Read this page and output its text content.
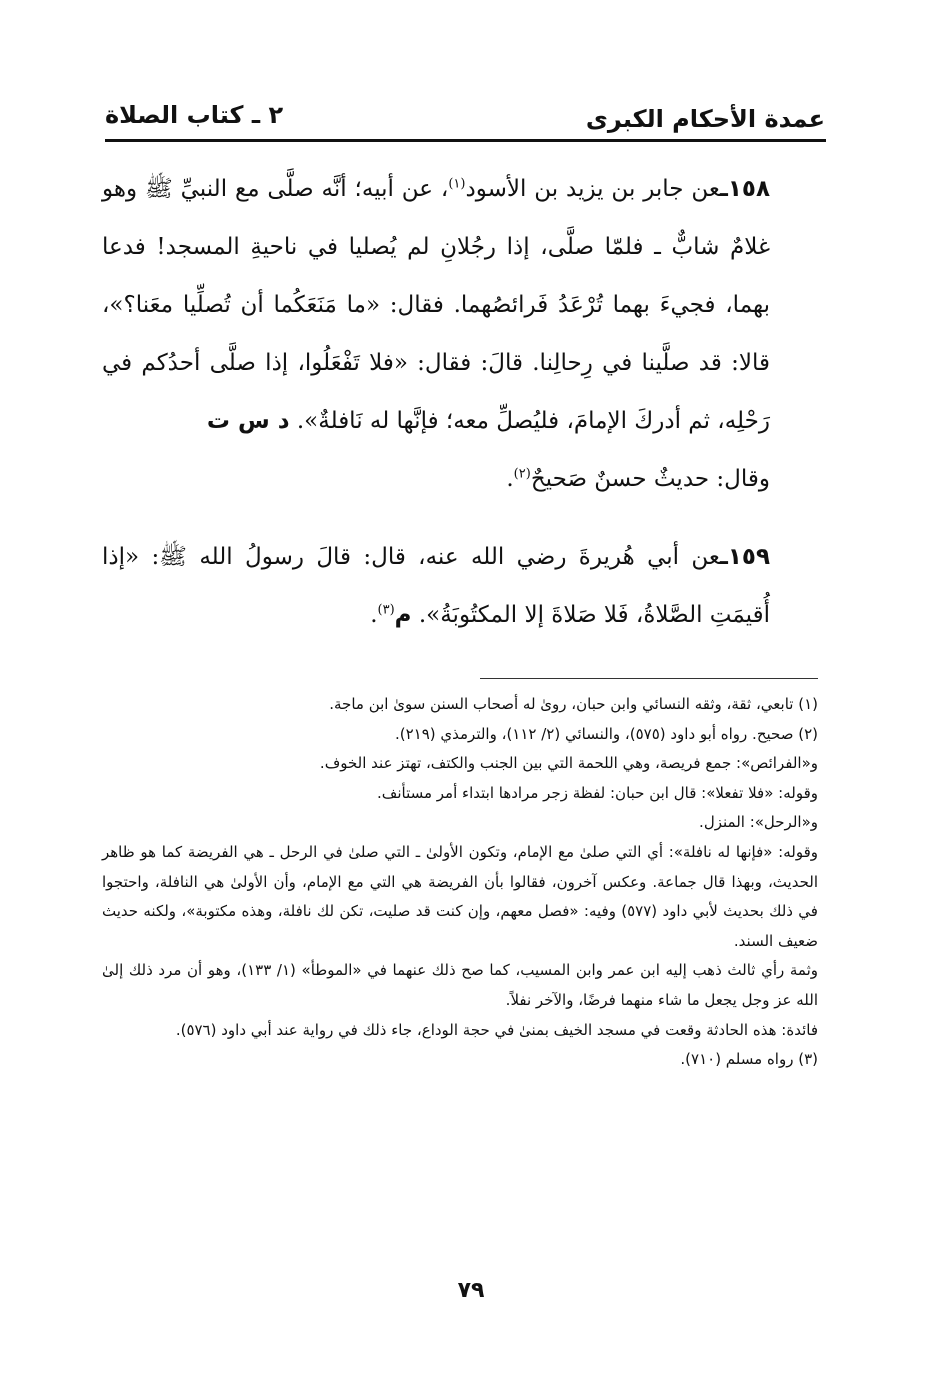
عمدة الأحكام الكبرى
٢ ـ كتاب الصلاة

١٥٨ـعن جابر بن يزيد بن الأسود$^{(١)}$، عن أبيه؛ أنَّه صلَّى مع النبيِّ ﷺ وهو غلامٌ شابٌّ ـ فلمّا صلَّى، إذا رجُلانِ لم يُصليا في ناحيةِ المسجد! فدعا بهما، فجيءَ بهما تُرْعَدُ فَرائصُهما. فقال: «ما مَنَعَكُما أن تُصلِّيا معَنا؟»، قالا: قد صلَّينا في رِحالِنا. قالَ: فقال: «فلا تَفْعَلُوا، إذا صلَّى أحدُكم في رَحْلِه، ثم أدركَ الإمامَ، فليُصلِّ معه؛ فإنَّها له نَافلةٌ». د س ت
وقال: حديثٌ حسنٌ صَحيحٌ$^{(٢)}$.

١٥٩ـعن أبي هُريرةَ رضي الله عنه، قال: قالَ رسولُ الله ﷺ: «إذا أُقيمَتِ الصَّلاةُ، فَلا صَلاةَ إلا المكتُوبَةُ». م$^{(٣)}$.

(١) تابعي، ثقة، وثقه النسائي وابن حبان، روىٰ له أصحاب السنن سوىٰ ابن ماجة.

(٢) صحيح. رواه أبو داود (٥٧٥)، والنسائي (٢/ ١١٢)، والترمذي (٢١٩).

و«الفرائص»: جمع فريصة، وهي اللحمة التي بين الجنب والكتف، تهتز عند الخوف.

وقوله: «فلا تفعلا»: قال ابن حبان: لفظة زجر مرادها ابتداء أمر مستأنف.

و«الرحل»: المنزل.

وقوله: «فإنها له نافلة»: أي التي صلىٰ مع الإمام، وتكون الأولىٰ ـ التي صلىٰ في الرحل ـ هي الفريضة كما هو ظاهر الحديث، وبهذا قال جماعة. وعكس آخرون، فقالوا بأن الفريضة هي التي مع الإمام، وأن الأولىٰ هي النافلة، واحتجوا في ذلك بحديث لأبي داود (٥٧٧) وفيه: «فصل معهم، وإن كنت قد صليت، تكن لك نافلة، وهذه مكتوبة»، ولكنه حديث ضعيف السند.

وثمة رأي ثالث ذهب إليه ابن عمر وابن المسيب، كما صح ذلك عنهما في «الموطأ» (١/ ١٣٣)، وهو أن مرد ذلك إلىٰ الله عز وجل يجعل ما شاء منهما فرضًا، والآخر نفلاً.

فائدة: هذه الحادثة وقعت في مسجد الخيف بمنىٰ في حجة الوداع، جاء ذلك في رواية عند أبي داود (٥٧٦).

(٣) رواه مسلم (٧١٠).

٧٩
